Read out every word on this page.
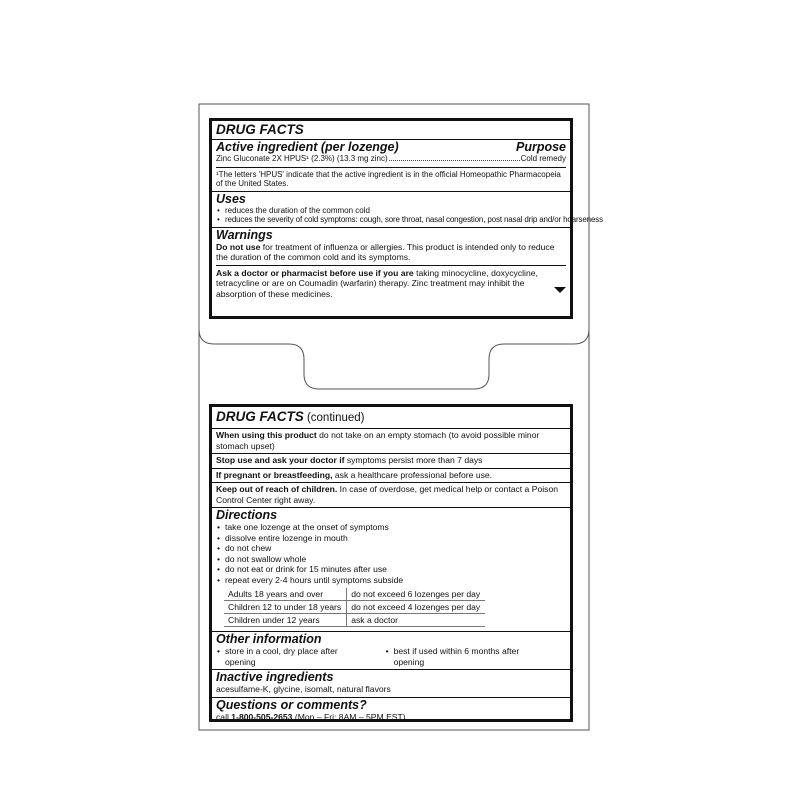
DRUG FACTS
Active ingredient (per lozenge)	Purpose
Zinc Gluconate 2X HPUS¹ (2.3%) (13.3 mg zinc)	Cold remedy
¹The letters 'HPUS' indicate that the active ingredient is in the official Homeopathic Pharmacopeia of the United States.
Uses
• reduces the duration of the common cold
• reduces the severity of cold symptoms: cough, sore throat, nasal congestion, post nasal drip and/or hoarseness
Warnings
Do not use for treatment of influenza or allergies. This product is intended only to reduce the duration of the common cold and its symptoms.
Ask a doctor or pharmacist before use if you are taking minocycline, doxycycline, tetracycline or are on Coumadin (warfarin) therapy. Zinc treatment may inhibit the absorption of these medicines.
DRUG FACTS (continued)
When using this product do not take on an empty stomach (to avoid possible minor stomach upset)
Stop use and ask your doctor if symptoms persist more than 7 days
If pregnant or breastfeeding, ask a healthcare professional before use.
Keep out of reach of children. In case of overdose, get medical help or contact a Poison Control Center right away.
Directions
• take one lozenge at the onset of symptoms
• dissolve entire lozenge in mouth
• do not chew
• do not swallow whole
• do not eat or drink for 15 minutes after use
• repeat every 2-4 hours until symptoms subside
Adults 18 years and over	do not exceed 6 lozenges per day
Children 12 to under 18 years	do not exceed 4 lozenges per day
Children under 12 years	ask a doctor
Other information
• store in a cool, dry place after opening
• best if used within 6 months after opening
Inactive ingredients
acesulfame-K, glycine, isomalt, natural flavors
Questions or comments?
call 1-800-505-2653 (Mon – Fri: 8AM – 5PM EST)
